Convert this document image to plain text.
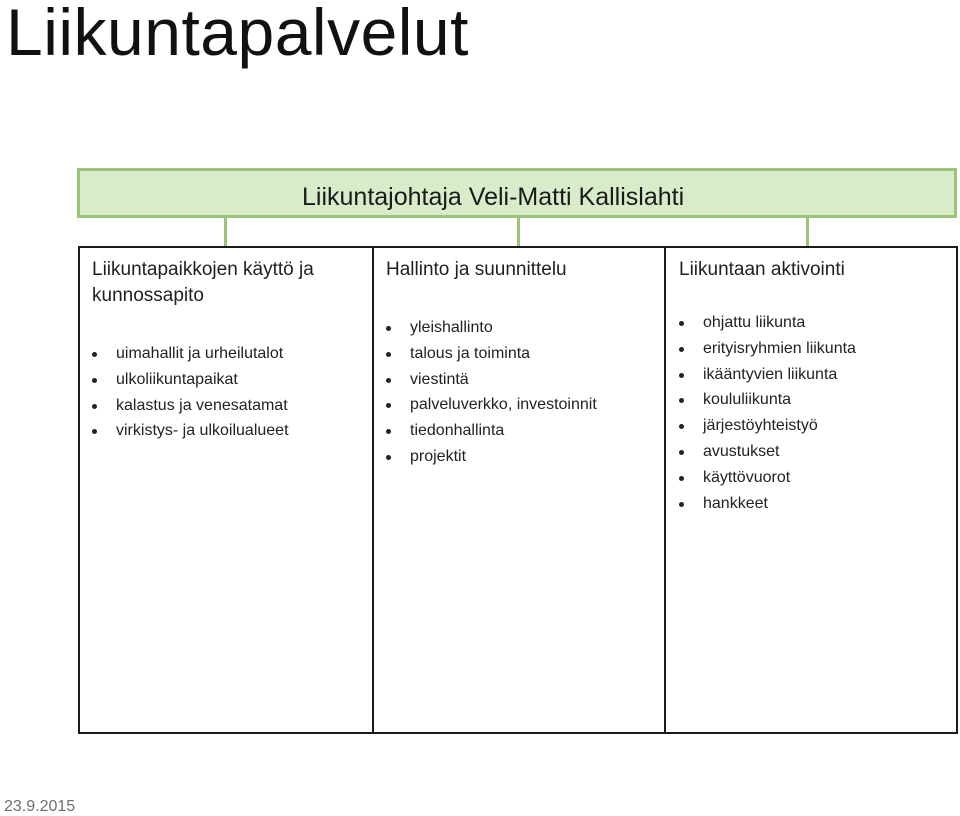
Liikuntapalvelut
Liikuntajohtaja Veli-Matti Kallislahti
Liikuntapaikkojen käyttö ja
kunnossapito
uimahallit ja urheilutalot
ulkoliikuntapaikat
kalastus ja venesatamat
virkistys- ja ulkoilualueet
Hallinto ja suunnittelu
yleishallinto
talous ja toiminta
viestintä
palveluverkko, investoinnit
tiedonhallinta
projektit
Liikuntaan aktivointi
ohjattu liikunta
erityisryhmien liikunta
ikääntyvien liikunta
koululiikunta
järjestöyhteistyö
avustukset
käyttövuorot
hankkeet
23.9.2015
